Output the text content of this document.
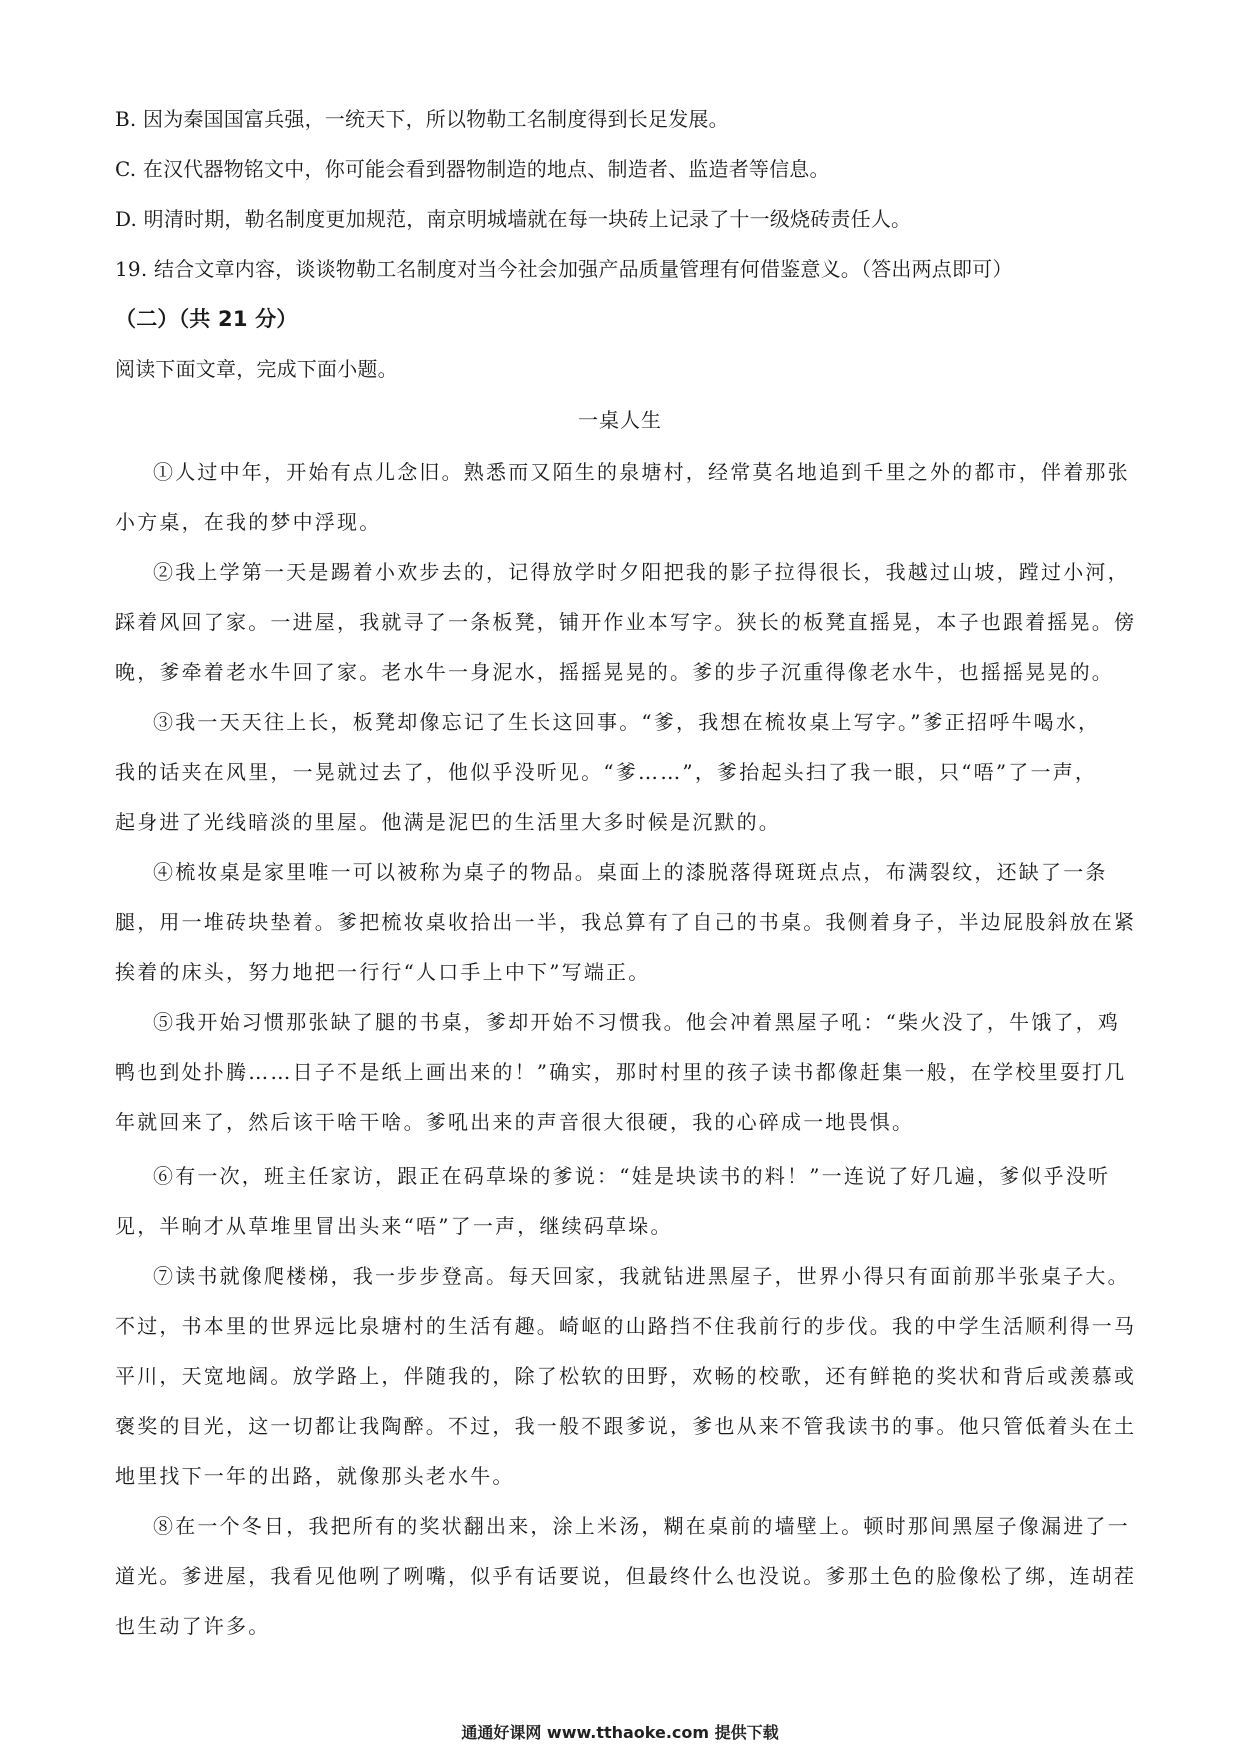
B. 因为秦国国富兵强，一统天下，所以物勒工名制度得到长足发展。
C. 在汉代器物铭文中，你可能会看到器物制造的地点、制造者、监造者等信息。
D. 明清时期，勒名制度更加规范，南京明城墙就在每一块砖上记录了十一级烧砖责任人。
19. 结合文章内容，谈谈物勒工名制度对当今社会加强产品质量管理有何借鉴意义。（答出两点即可）
（二）（共 21 分）
阅读下面文章，完成下面小题。
一桌人生
①人过中年，开始有点儿念旧。熟悉而又陌生的泉塘村，经常莫名地追到千里之外的都市，伴着那张
小方桌，在我的梦中浮现。
②我上学第一天是踢着小欢步去的，记得放学时夕阳把我的影子拉得很长，我越过山坡，蹚过小河，
踩着风回了家。一进屋，我就寻了一条板凳，铺开作业本写字。狭长的板凳直摇晃，本子也跟着摇晃。傍
晚，爹牵着老水牛回了家。老水牛一身泥水，摇摇晃晃的。爹的步子沉重得像老水牛，也摇摇晃晃的。
③我一天天往上长，板凳却像忘记了生长这回事。“爹，我想在梳妆桌上写字。”爹正招呼牛喝水，
我的话夹在风里，一晃就过去了，他似乎没听见。“爹……”，爹抬起头扫了我一眼，只“唔”了一声，
起身进了光线暗淡的里屋。他满是泥巴的生活里大多时候是沉默的。
④梳妆桌是家里唯一可以被称为桌子的物品。桌面上的漆脱落得斑斑点点，布满裂纹，还缺了一条
腿，用一堆砖块垫着。爹把梳妆桌收拾出一半，我总算有了自己的书桌。我侧着身子，半边屁股斜放在紧
挨着的床头，努力地把一行行“人口手上中下”写端正。
⑤我开始习惯那张缺了腿的书桌，爹却开始不习惯我。他会冲着黑屋子吼：“柴火没了，牛饿了，鸡
鸭也到处扑腾……日子不是纸上画出来的！”确实，那时村里的孩子读书都像赶集一般，在学校里耍打几
年就回来了，然后该干啥干啥。爹吼出来的声音很大很硬，我的心碎成一地畏惧。
⑥有一次，班主任家访，跟正在码草垛的爹说：“娃是块读书的料！”一连说了好几遍，爹似乎没听
见，半晌才从草堆里冒出头来“唔”了一声，继续码草垛。
⑦读书就像爬楼梯，我一步步登高。每天回家，我就钻进黑屋子，世界小得只有面前那半张桌子大。
不过，书本里的世界远比泉塘村的生活有趣。崎岖的山路挡不住我前行的步伐。我的中学生活顺利得一马
平川，天宽地阔。放学路上，伴随我的，除了松软的田野，欢畅的校歌，还有鲜艳的奖状和背后或羡慕或
褒奖的目光，这一切都让我陶醉。不过，我一般不跟爹说，爹也从来不管我读书的事。他只管低着头在土
地里找下一年的出路，就像那头老水牛。
⑧在一个冬日，我把所有的奖状翻出来，涂上米汤，糊在桌前的墙壁上。顿时那间黑屋子像漏进了一
道光。爹进屋，我看见他咧了咧嘴，似乎有话要说，但最终什么也没说。爹那土色的脸像松了绑，连胡茬
也生动了许多。
通通好课网 www.tthaoke.com 提供下载
